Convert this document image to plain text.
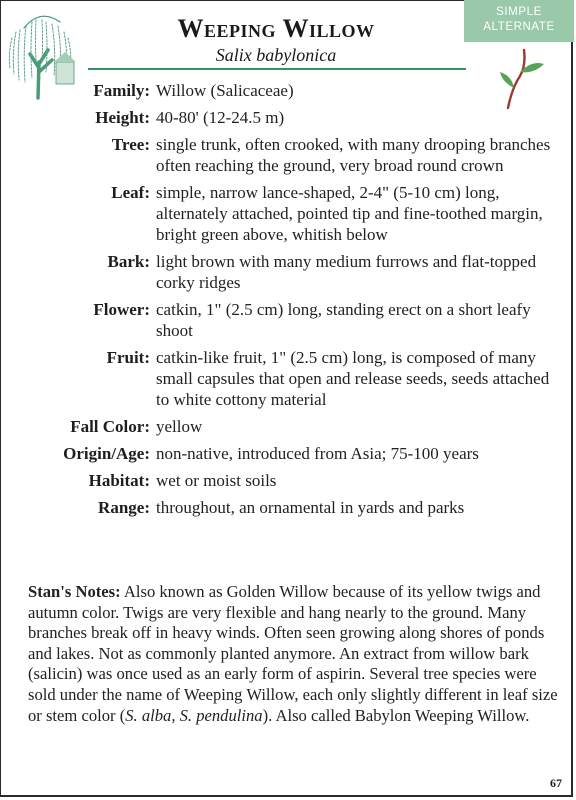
Weeping Willow
Salix babylonica
SIMPLE
ALTERNATE
Family: Willow (Salicaceae)
Height: 40-80' (12-24.5 m)
Tree: single trunk, often crooked, with many drooping branches often reaching the ground, very broad round crown
Leaf: simple, narrow lance-shaped, 2-4" (5-10 cm) long, alternately attached, pointed tip and fine-toothed margin, bright green above, whitish below
Bark: light brown with many medium furrows and flat-topped corky ridges
Flower: catkin, 1" (2.5 cm) long, standing erect on a short leafy shoot
Fruit: catkin-like fruit, 1" (2.5 cm) long, is composed of many small capsules that open and release seeds, seeds attached to white cottony material
Fall Color: yellow
Origin/Age: non-native, introduced from Asia; 75-100 years
Habitat: wet or moist soils
Range: throughout, an ornamental in yards and parks
Stan's Notes: Also known as Golden Willow because of its yellow twigs and autumn color. Twigs are very flexible and hang nearly to the ground. Many branches break off in heavy winds. Often seen growing along shores of ponds and lakes. Not as commonly planted anymore. An extract from willow bark (salicin) was once used as an early form of aspirin. Several tree species were sold under the name of Weeping Willow, each only slightly different in leaf size or stem color (S. alba, S. pendulina). Also called Babylon Weeping Willow.
67
